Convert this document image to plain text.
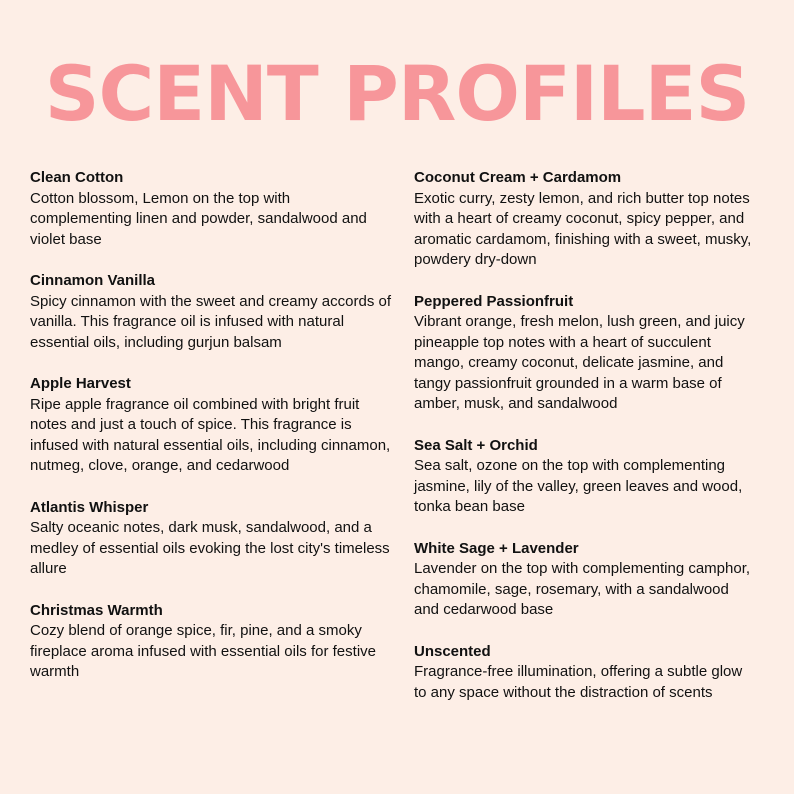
SCENT PROFILES

Clean Cotton

Cotton blossom, Lemon on the top with
complementing linen and powder, sandalwood and
violet base

Cinnamon Vanilla

Spicy cinnamon with the sweet and creamy accords of
vanilla. This fragrance oil is infused with natural
essential oils, including gurjun balsam

Apple Harvest

Ripe apple fragrance oil combined with bright fruit
notes and just a touch of spice. This fragrance is
infused with natural essential oils, including cinnamon,
nutmeg, clove, orange, and cedarwood

Atlantis Whisper

Salty oceanic notes, dark musk, sandalwood, and a
medley of essential oils evoking the lost city's timeless
allure

Christmas Warmth

Cozy blend of orange spice, fir, pine, and a smoky
fireplace aroma infused with essential oils for festive
warmth

Coconut Cream + Cardamom

Exotic curry, zesty lemon, and rich butter top notes
with a heart of creamy coconut, spicy pepper, and
aromatic cardamom, finishing with a sweet, musky,
powdery dry-down

Peppered Passionfruit

Vibrant orange, fresh melon, lush green, and juicy
pineapple top notes with a heart of succulent
mango, creamy coconut, delicate jasmine, and
tangy passionfruit grounded in a warm base of
amber, musk, and sandalwood

Sea Salt + Orchid

Sea salt, ozone on the top with complementing
jasmine, lily of the valley, green leaves and wood,
tonka bean base

White Sage + Lavender

Lavender on the top with complementing camphor,
chamomile, sage, rosemary, with a sandalwood
and cedarwood base

Unscented

Fragrance-free illumination, offering a subtle glow
to any space without the distraction of scents
